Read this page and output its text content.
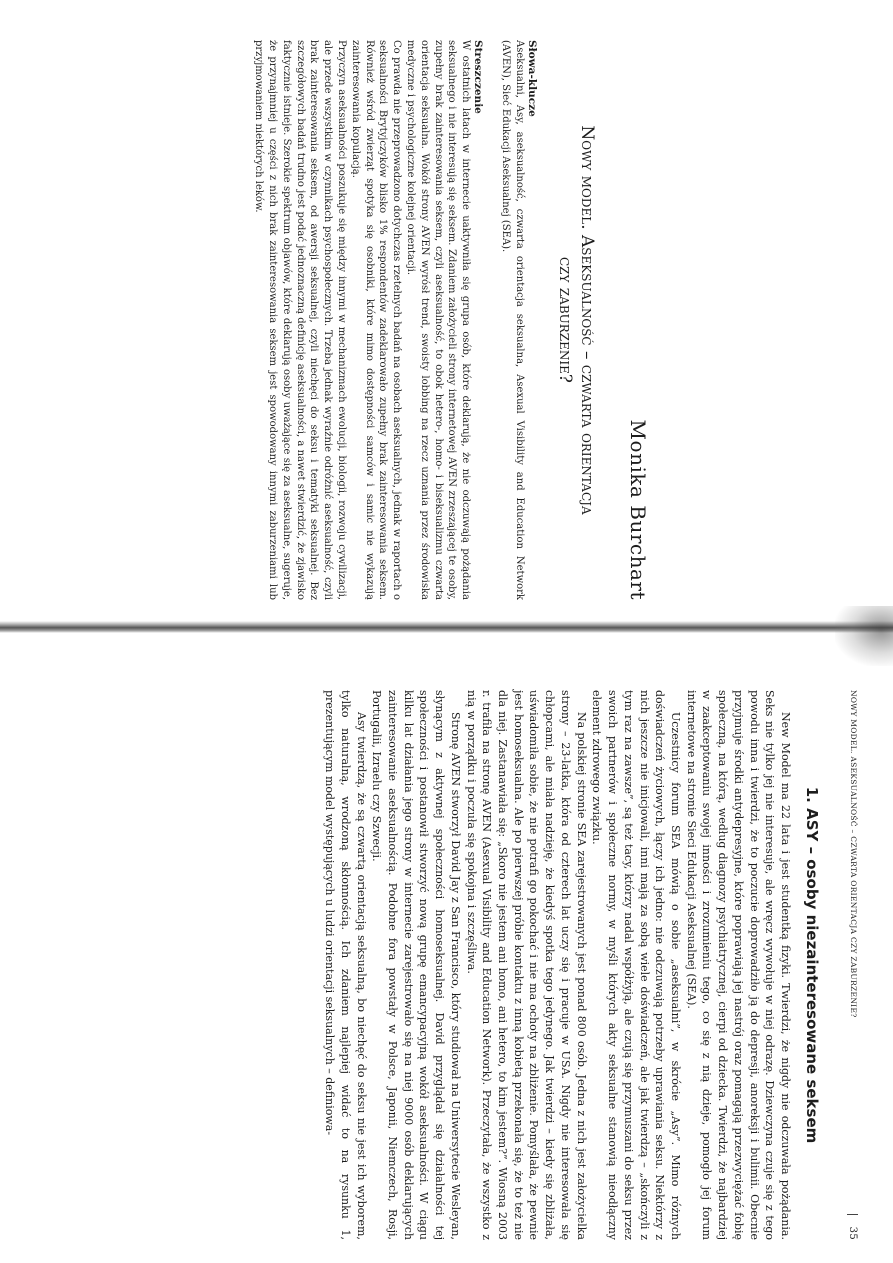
Monika Burchart

Nowy model. Aseksualność – czwarta orientacja
czy zaburzenie?

Słowa-klucze

Aseksualni, Asy, aseksualność, czwarta orientacja seksualna, Asexual Visibility and Education Network (AVEN), Sieć Edukacji Aseksualnej (SEA).

Streszczenie

W ostatnich latach w internecie uaktywniła się grupa osób, które deklarują, że nie odczuwają pożądania seksualnego i nie interesują się seksem. Zdaniem założycieli strony internetowej AVEN zrzeszającej te osoby, zupełny brak zainteresowania seksem, czyli aseksualność, to obok hetero-, homo- i biseksualizmu czwarta orientacja seksualna. Wokół strony AVEN wyrósł trend, swoisty lobbing na rzecz uznania przez środowiska medyczne i psychologiczne kolejnej orientacji.

Co prawda nie przeprowadzono dotychczas rzetelnych badań na osobach aseksualnych, jednak w raportach o seksualności Brytyjczyków blisko 1% respondentów zadeklarowało zupełny brak zainteresowania seksem. Również wśród zwierząt spotyka się osobniki, które mimo dostępności samców i samic nie wykazują zainteresowania kopulacją.

Przyczyn aseksualności poszukuje się między innymi w mechanizmach ewolucji, biologii, rozwoju cywilizacji, ale przede wszystkim w czynnikach psychospołecznych. Trzeba jednak wyraźnie odróżnić aseksualność, czyli brak zainteresowania seksem, od awersji seksualnej, czyli niechęci do seksu i tematyki seksualnej. Bez szczegółowych badań trudno jest podać jednoznaczną definicję aseksualności, a nawet stwierdzić, że zjawisko faktycznie istnieje. Szerokie spektrum objawów, które deklarują osoby uważające się za aseksualne, sugeruje, że przynajmniej u części z nich brak zainteresowania seksem jest spowodowany innymi zaburzeniami lub przyjmowaniem niektórych leków.

NOWY MODEL. ASEKSUALNOŚĆ – CZWARTA ORIENTACJA CZY ZABURZENIE?
35

1. ASY – osoby niezainteresowane seksem

New Model ma 22 lata i jest studentką fizyki. Twierdzi, że nigdy nie odczuwała pożądania. Seks nie tylko jej nie interesuje, ale wręcz wywołuje w niej odrazę. Dziewczyna czuje się z tego powodu inna i twierdzi, że to poczucie doprowadziło ją do depresji, anoreksji i bulimii. Obecnie przyjmuje środki antydepresyjne, które poprawiają jej nastrój oraz pomagają przezwyciężać fobię społeczną, na którą, według diagnozy psychiatrycznej, cierpi od dziecka. Twierdzi, że najbardziej w zaakceptowaniu swojej inności i zrozumieniu tego, co się z nią dzieje, pomogło jej forum internetowe na stronie Sieci Edukacji Aseksualnej (SEA).

Uczestnicy forum SEA mówią o sobie „aseksualni”, w skrócie „Asy”. Mimo różnych doświadczeń życiowych, łączy ich jedno: nie odczuwają potrzeby uprawiania seksu. Niektórzy z nich jeszcze nie inicjowali, inni mają za sobą wiele doświadczeń, ale jak twierdzą – „skończyli z tym raz na zawsze”, są też tacy, którzy nadal współżyją, ale czują się przymuszani do seksu przez swoich partnerów i społeczne normy, w myśli których akty seksualne stanowią nieodłączny element zdrowego związku.

Na polskiej stronie SEA zarejestrowanych jest ponad 800 osób. Jedna z nich jest założycielka strony – 23-latka, która od czterech lat uczy się i pracuje w USA. Nigdy nie interesowała się chłopcami, ale miała nadzieję, że kiedyś spotka tego jedynego. Jak twierdzi – kiedy się zbliżała, uświadomiła sobie, że nie potrafi go pokochać i nie ma ochoty na zbliżenie. Pomyślała, że pewnie jest homoseksualna. Ale po pierwszej próbie kontaktu z inną kobietą przekonała się, że to też nie dla niej. Zastanawiała się: „Skoro nie jestem ani homo, ani hetero, to kim jestem?”. Wiosną 2003 r. trafiła na stronę AVEN (Asexual Visibility and Education Network). Przeczytała, że wszystko z nią w porządku i poczuła się spokojna i szczęśliwa.

Stronę AVEN stworzył David Jay z San Francisco, który studiował na Uniwersytecie Wesleyan, słynącym z aktywnej społeczności homoseksualnej. David przyglądał się działalności tej społeczności i postanowił stworzyć nową grupę emancypacyjną wokół aseksualności. W ciągu kilku lat działania jego strony w internecie zarejestrowało się na niej 9000 osób deklarujących zainteresowanie aseksualnością. Podobne fora powstały w Polsce, Japonii, Niemczech, Rosji, Portugalii, Izraelu czy Szwecji.

Asy twierdzą, że są czwartą orientacją seksualną, bo niechęć do seksu nie jest ich wyborem, tylko naturalną, wrodzoną skłonnością. Ich zdaniem najlepiej widać to na rysunku 1, prezentującym model występujących u ludzi orientacji seksualnych – definiowa-
